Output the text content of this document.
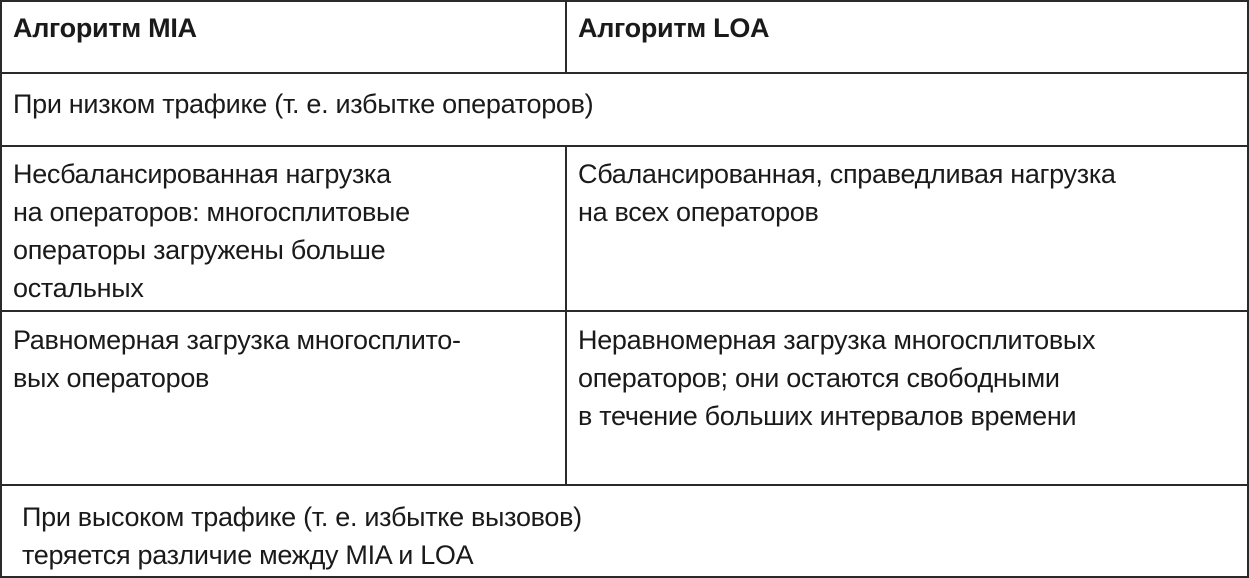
Алгоритм MIA	Алгоритм LOA
При низком трафике (т. е. избытке операторов)
Несбалансированная нагрузка
на операторов: многосплитовые
операторы загружены больше
остальных
Сбалансированная, справедливая нагрузка
на всех операторов
Равномерная загрузка многосплито-
вых операторов
Неравномерная загрузка многосплитовых
операторов; они остаются свободными
в течение больших интервалов времени
При высоком трафике (т. е. избытке вызовов)
теряется различие между MIA и LOA
